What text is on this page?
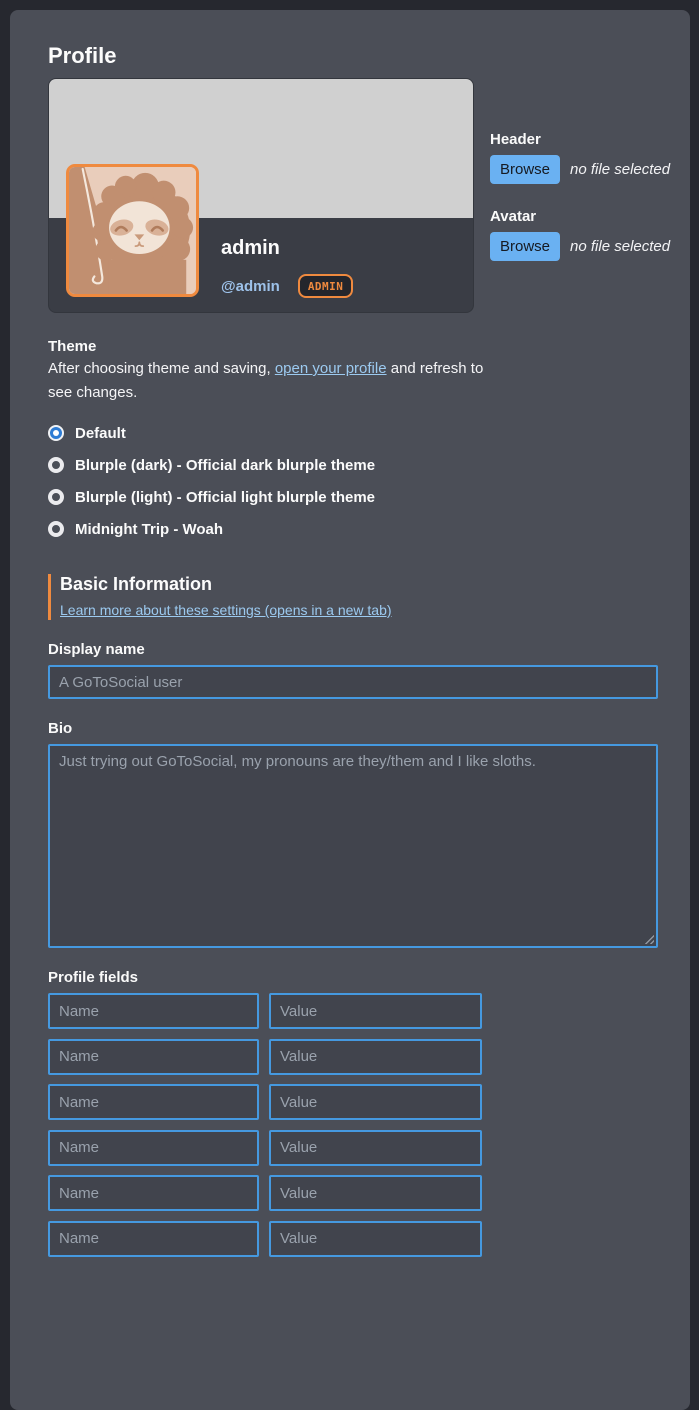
Profile
admin
@admin	ADMIN
Header
Browse	no file selected
Avatar
Browse	no file selected
Theme

After choosing theme and saving, open your profile and refresh to see changes.

Default
Blurple (dark) - Official dark blurple theme
Blurple (light) - Official light blurple theme
Midnight Trip - Woah
Basic Information
Learn more about these settings (opens in a new tab)
Display name
A GoToSocial user
Bio
Just trying out GoToSocial, my pronouns are they/them and I like sloths.
Profile fields
Name
Value
Name
Value
Name
Value
Name
Value
Name
Value
Name
Value
